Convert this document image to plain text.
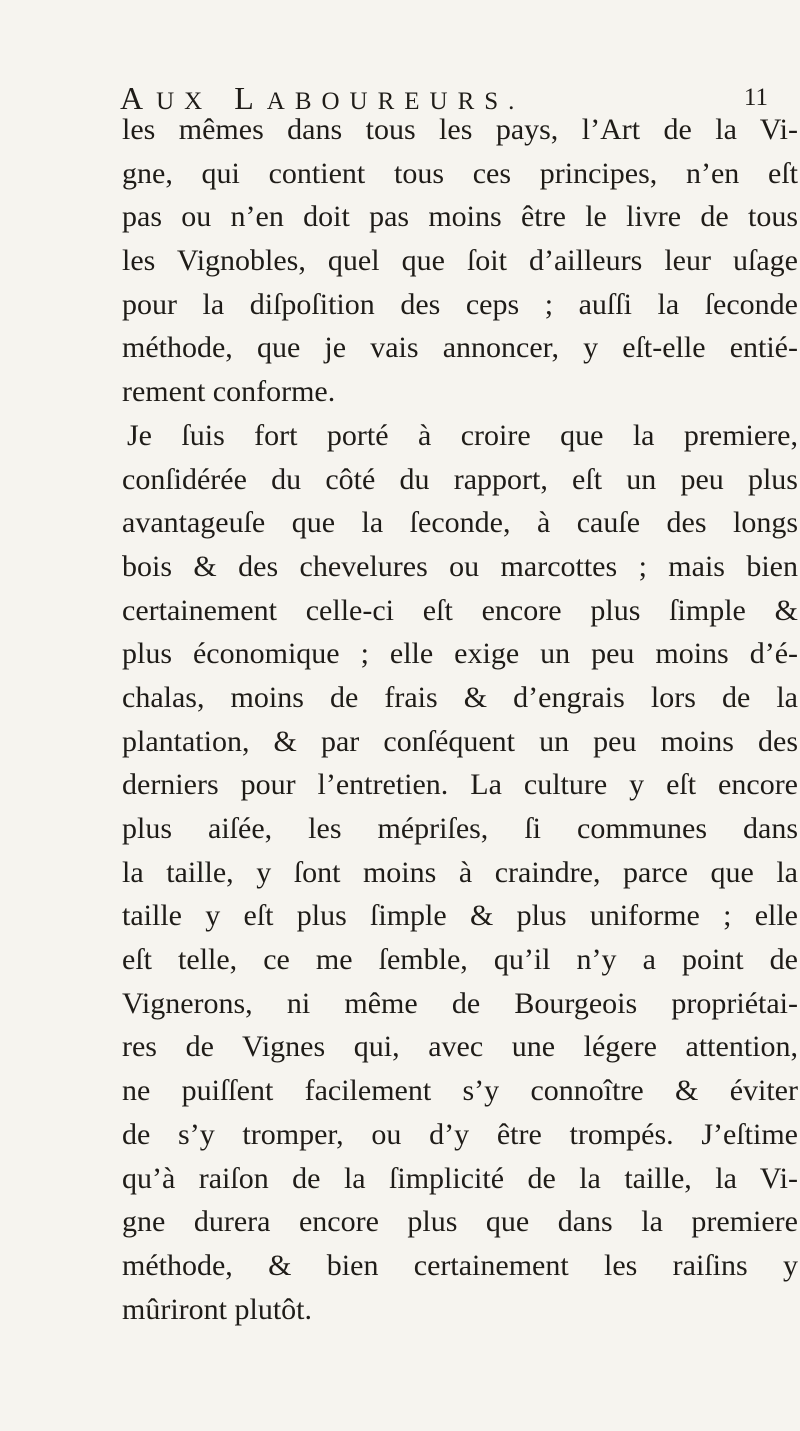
AUX LABOUREURS.	11
les mêmes dans tous les pays, l’Art de la Vi-
gne, qui contient tous ces principes, n’en eſt
pas ou n’en doit pas moins être le livre de tous
les Vignobles, quel que ſoit d’ailleurs leur uſage
pour la diſpoſition des ceps ; auſſi la ſeconde
méthode, que je vais annoncer, y eſt-elle entié-
rement conforme.
Je ſuis fort porté à croire que la premiere,
conſidérée du côté du rapport, eſt un peu plus
avantageuſe que la ſeconde, à cauſe des longs
bois & des chevelures ou marcottes ; mais bien
certainement celle-ci eſt encore plus ſimple &
plus économique ; elle exige un peu moins d’é-
chalas, moins de frais & d’engrais lors de la
plantation, & par conſéquent un peu moins des
derniers pour l’entretien. La culture y eſt encore
plus aiſée, les mépriſes, ſi communes dans
la taille, y ſont moins à craindre, parce que la
taille y eſt plus ſimple & plus uniforme ; elle
eſt telle, ce me ſemble, qu’il n’y a point de
Vignerons, ni même de Bourgeois propriétai-
res de Vignes qui, avec une légere attention,
ne puiſſent facilement s’y connoître & éviter
de s’y tromper, ou d’y être trompés. J’eſtime
qu’à raiſon de la ſimplicité de la taille, la Vi-
gne durera encore plus que dans la premiere
méthode, & bien certainement les raiſins y
mûriront plutôt.
